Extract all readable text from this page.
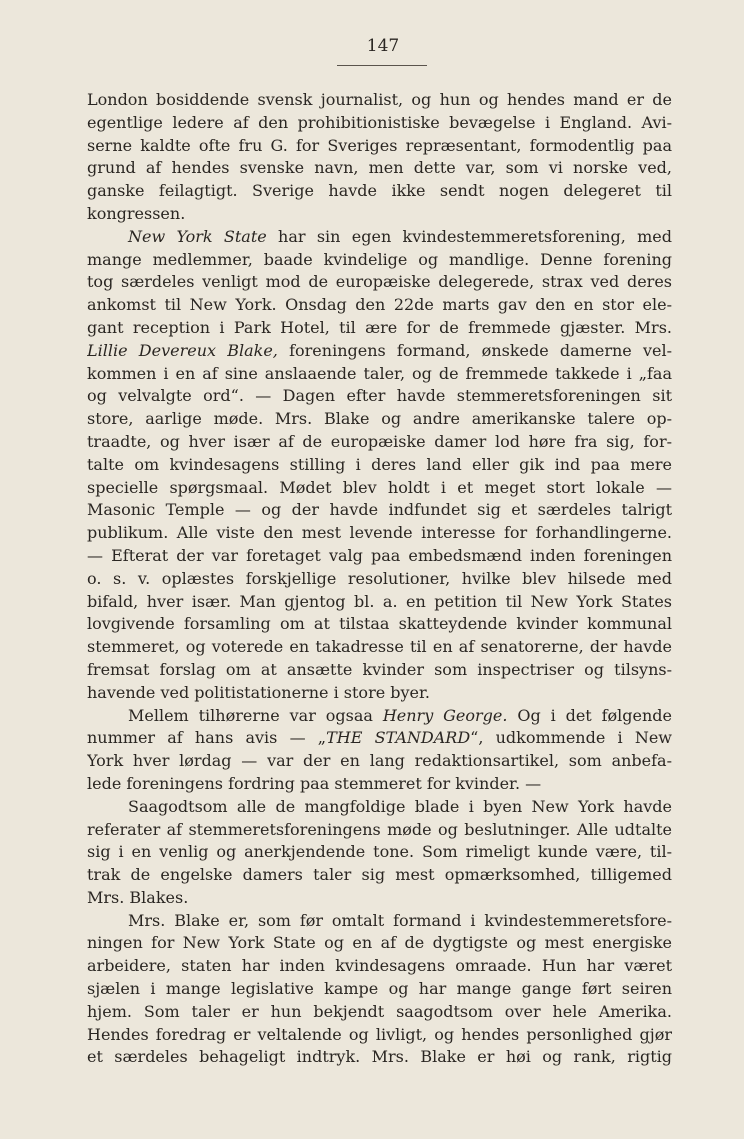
147
London bosiddende svensk journalist, og hun og hendes mand er de
egentlige ledere af den prohibitionistiske bevægelse i England. Avi-
serne kaldte ofte fru G. for Sveriges repræsentant, formodentlig paa
grund af hendes svenske navn, men dette var, som vi norske ved,
ganske feilagtigt. Sverige havde ikke sendt nogen delegeret til
kongressen.
New York State har sin egen kvindestemmeretsforening, med
mange medlemmer, baade kvindelige og mandlige. Denne forening
tog særdeles venligt mod de europæiske delegerede, strax ved deres
ankomst til New York. Onsdag den 22de marts gav den en stor ele-
gant reception i Park Hotel, til ære for de fremmede gjæster. Mrs.
Lillie Devereux Blake, foreningens formand, ønskede damerne vel-
kommen i en af sine anslaaende taler, og de fremmede takkede i „faa
og velvalgte ord“. — Dagen efter havde stemmeretsforeningen sit
store, aarlige møde. Mrs. Blake og andre amerikanske talere op-
traadte, og hver især af de europæiske damer lod høre fra sig, for-
talte om kvindesagens stilling i deres land eller gik ind paa mere
specielle spørgsmaal. Mødet blev holdt i et meget stort lokale —
Masonic Temple — og der havde indfundet sig et særdeles talrigt
publikum. Alle viste den mest levende interesse for forhandlingerne.
— Efterat der var foretaget valg paa embedsmænd inden foreningen
o. s. v. oplæstes forskjellige resolutioner, hvilke blev hilsede med
bifald, hver især. Man gjentog bl. a. en petition til New York States
lovgivende forsamling om at tilstaa skatteydende kvinder kommunal
stemmeret, og voterede en takadresse til en af senatorerne, der havde
fremsat forslag om at ansætte kvinder som inspectriser og tilsyns-
havende ved politistationerne i store byer.
Mellem tilhørerne var ogsaa Henry George. Og i det følgende
nummer af hans avis — „THE STANDARD“, udkommende i New
York hver lørdag — var der en lang redaktionsartikel, som anbefa-
lede foreningens fordring paa stemmeret for kvinder. —
Saagodtsom alle de mangfoldige blade i byen New York havde
referater af stemmeretsforeningens møde og beslutninger. Alle udtalte
sig i en venlig og anerkjendende tone. Som rimeligt kunde være, til-
trak de engelske damers taler sig mest opmærksomhed, tilligemed
Mrs. Blakes.
Mrs. Blake er, som før omtalt formand i kvindestemmeretsfore-
ningen for New York State og en af de dygtigste og mest energiske
arbeidere, staten har inden kvindesagens omraade. Hun har været
sjælen i mange legislative kampe og har mange gange ført seiren
hjem. Som taler er hun bekjendt saagodtsom over hele Amerika.
Hendes foredrag er veltalende og livligt, og hendes personlighed gjør
et særdeles behageligt indtryk. Mrs. Blake er høi og rank, rigtig
